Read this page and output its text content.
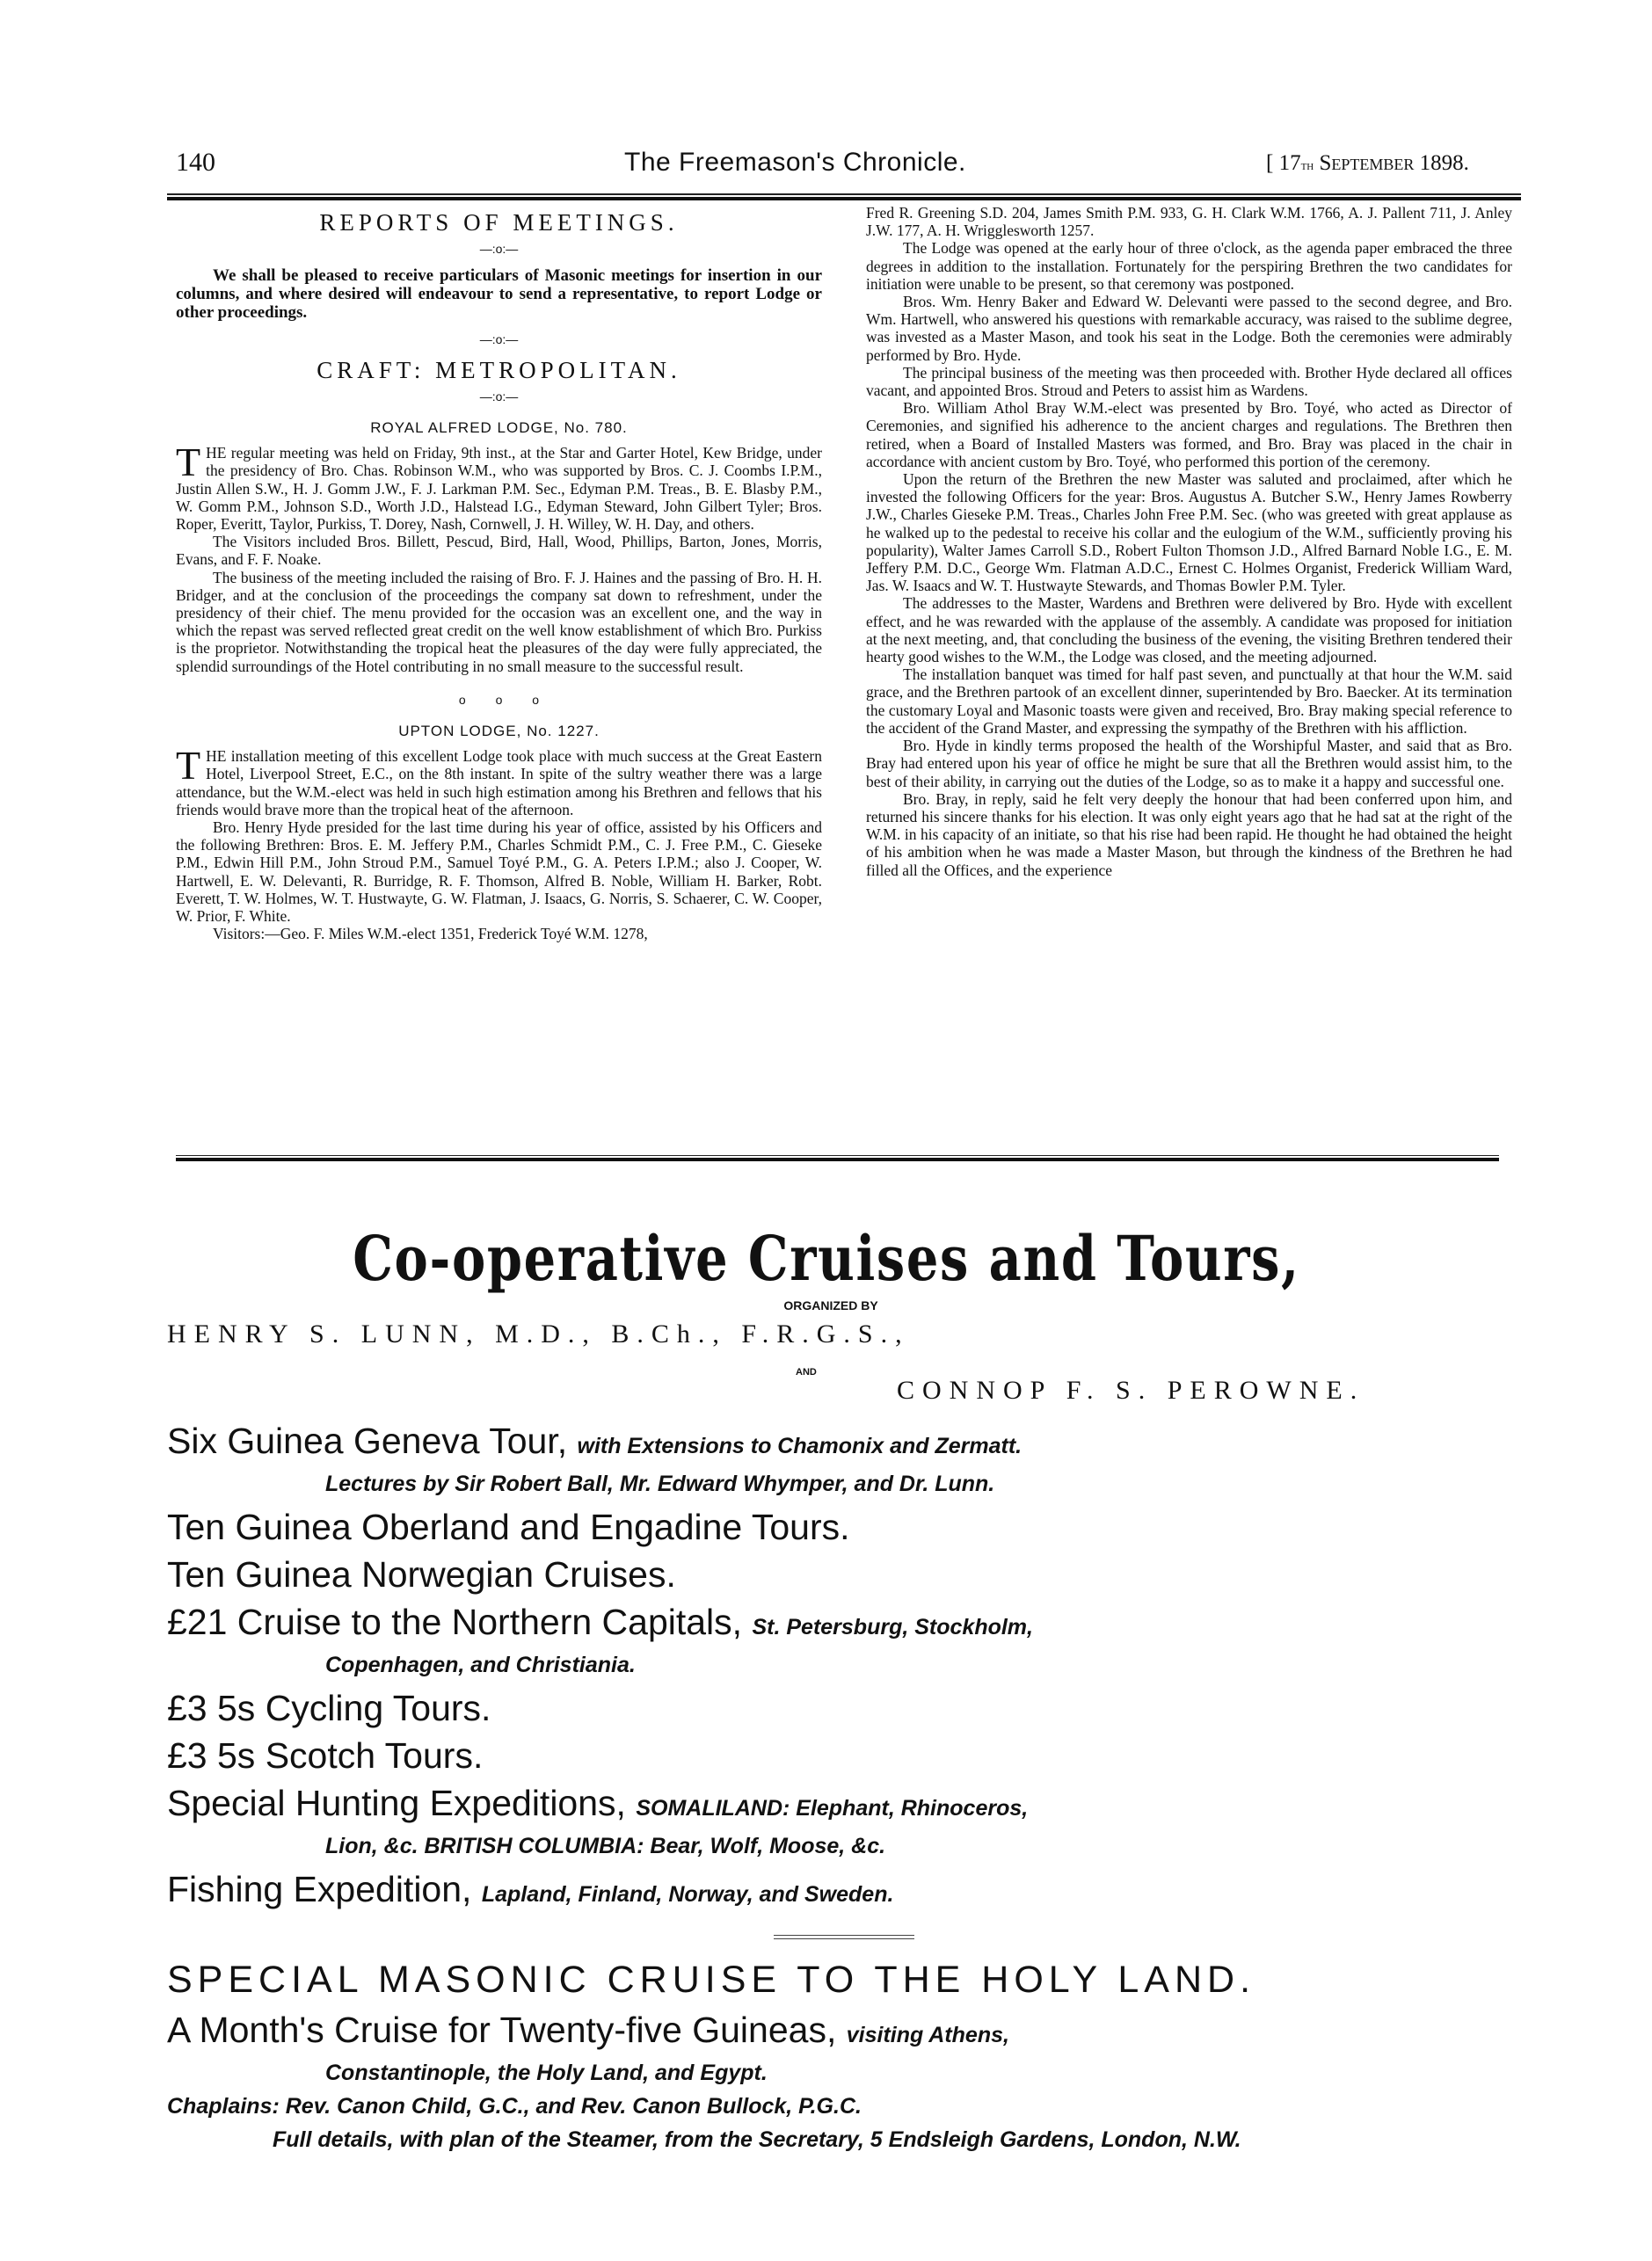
140	The Freemason's Chronicle.	[ 17th September 1898.
REPORTS OF MEETINGS.
—:o:—

We shall be pleased to receive particulars of Masonic meetings for insertion in our columns, and where desired will endeavour to send a representative, to report Lodge or other proceedings.

—:o:—
CRAFT: METROPOLITAN.
—:o:—
ROYAL ALFRED LODGE, No. 780.

THE regular meeting was held on Friday, 9th inst., at the Star and Garter Hotel, Kew Bridge, under the presidency of Bro. Chas. Robinson W.M., who was supported by Bros. C. J. Coombs I.P.M., Justin Allen S.W., H. J. Gomm J.W., F. J. Larkman P.M. Sec., Edyman P.M. Treas., B. E. Blasby P.M., W. Gomm P.M., Johnson S.D., Worth J.D., Halstead I.G., Edyman Steward, John Gilbert Tyler; Bros. Roper, Everitt, Taylor, Purkiss, T. Dorey, Nash, Cornwell, J. H. Willey, W. H. Day, and others.

The Visitors included Bros. Billett, Pescud, Bird, Hall, Wood, Phillips, Barton, Jones, Morris, Evans, and F. F. Noake.

The business of the meeting included the raising of Bro. F. J. Haines and the passing of Bro. H. H. Bridger, and at the conclusion of the proceedings the company sat down to refreshment, under the presidency of their chief. The menu provided for the occasion was an excellent one, and the way in which the repast was served reflected great credit on the well know establishment of which Bro. Purkiss is the proprietor. Notwithstanding the tropical heat the pleasures of the day were fully appreciated, the splendid surroundings of the Hotel contributing in no small measure to the successful result.

o o o
UPTON LODGE, No. 1227.

THE installation meeting of this excellent Lodge took place with much success at the Great Eastern Hotel, Liverpool Street, E.C., on the 8th instant. In spite of the sultry weather there was a large attendance, but the W.M.-elect was held in such high estimation among his Brethren and fellows that his friends would brave more than the tropical heat of the afternoon.

Bro. Henry Hyde presided for the last time during his year of office, assisted by his Officers and the following Brethren: Bros. E. M. Jeffery P.M., Charles Schmidt P.M., C. J. Free P.M., C. Gieseke P.M., Edwin Hill P.M., John Stroud P.M., Samuel Toyé P.M., G. A. Peters I.P.M.; also J. Cooper, W. Hartwell, E. W. Delevanti, R. Burridge, R. F. Thomson, Alfred B. Noble, William H. Barker, Robt. Everett, T. W. Holmes, W. T. Hustwayte, G. W. Flatman, J. Isaacs, G. Norris, S. Schaerer, C. W. Cooper, W. Prior, F. White.

Visitors:—Geo. F. Miles W.M.-elect 1351, Frederick Toyé W.M. 1278,

Fred R. Greening S.D. 204, James Smith P.M. 933, G. H. Clark W.M. 1766, A. J. Pallent 711, J. Anley J.W. 177, A. H. Wrigglesworth 1257.

The Lodge was opened at the early hour of three o'clock, as the agenda paper embraced the three degrees in addition to the installation. Fortunately for the perspiring Brethren the two candidates for initiation were unable to be present, so that ceremony was postponed.

Bros. Wm. Henry Baker and Edward W. Delevanti were passed to the second degree, and Bro. Wm. Hartwell, who answered his questions with remarkable accuracy, was raised to the sublime degree, was invested as a Master Mason, and took his seat in the Lodge. Both the ceremonies were admirably performed by Bro. Hyde.

The principal business of the meeting was then proceeded with. Brother Hyde declared all offices vacant, and appointed Bros. Stroud and Peters to assist him as Wardens.

Bro. William Athol Bray W.M.-elect was presented by Bro. Toyé, who acted as Director of Ceremonies, and signified his adherence to the ancient charges and regulations. The Brethren then retired, when a Board of Installed Masters was formed, and Bro. Bray was placed in the chair in accordance with ancient custom by Bro. Toyé, who performed this portion of the ceremony.

Upon the return of the Brethren the new Master was saluted and proclaimed, after which he invested the following Officers for the year: Bros. Augustus A. Butcher S.W., Henry James Rowberry J.W., Charles Gieseke P.M. Treas., Charles John Free P.M. Sec. (who was greeted with great applause as he walked up to the pedestal to receive his collar and the eulogium of the W.M., sufficiently proving his popularity), Walter James Carroll S.D., Robert Fulton Thomson J.D., Alfred Barnard Noble I.G., E. M. Jeffery P.M. D.C., George Wm. Flatman A.D.C., Ernest C. Holmes Organist, Frederick William Ward, Jas. W. Isaacs and W. T. Hustwayte Stewards, and Thomas Bowler P.M. Tyler.

The addresses to the Master, Wardens and Brethren were delivered by Bro. Hyde with excellent effect, and he was rewarded with the applause of the assembly. A candidate was proposed for initiation at the next meeting, and, that concluding the business of the evening, the visiting Brethren tendered their hearty good wishes to the W.M., the Lodge was closed, and the meeting adjourned.

The installation banquet was timed for half past seven, and punctually at that hour the W.M. said grace, and the Brethren partook of an excellent dinner, superintended by Bro. Baecker. At its termination the customary Loyal and Masonic toasts were given and received, Bro. Bray making special reference to the accident of the Grand Master, and expressing the sympathy of the Brethren with his affliction.

Bro. Hyde in kindly terms proposed the health of the Worshipful Master, and said that as Bro. Bray had entered upon his year of office he might be sure that all the Brethren would assist him, to the best of their ability, in carrying out the duties of the Lodge, so as to make it a happy and successful one.

Bro. Bray, in reply, said he felt very deeply the honour that had been conferred upon him, and returned his sincere thanks for his election. It was only eight years ago that he had sat at the right of the W.M. in his capacity of an initiate, so that his rise had been rapid. He thought he had obtained the height of his ambition when he was made a Master Mason, but through the kindness of the Brethren he had filled all the Offices, and the experience

Co-operative Cruises and Tours,
ORGANIZED BY
HENRY S. LUNN, M.D., B.Ch., F.R.G.S.,
AND
CONNOP F. S. PEROWNE.
Six Guinea Geneva Tour, with Extensions to Chamonix and Zermatt.
Lectures by Sir Robert Ball, Mr. Edward Whymper, and Dr. Lunn.
Ten Guinea Oberland and Engadine Tours.
Ten Guinea Norwegian Cruises.
£21 Cruise to the Northern Capitals, St. Petersburg, Stockholm,
Copenhagen, and Christiania.
£3 5s Cycling Tours.
£3 5s Scotch Tours.
Special Hunting Expeditions, SOMALILAND: Elephant, Rhinoceros,
Lion, &c. BRITISH COLUMBIA: Bear, Wolf, Moose, &c.
Fishing Expedition, Lapland, Finland, Norway, and Sweden.
SPECIAL MASONIC CRUISE TO THE HOLY LAND.
A Month's Cruise for Twenty-five Guineas, visiting Athens,
Constantinople, the Holy Land, and Egypt.
Chaplains: Rev. Canon Child, G.C., and Rev. Canon Bullock, P.G.C.
Full details, with plan of the Steamer, from the Secretary, 5 Endsleigh Gardens, London, N.W.
